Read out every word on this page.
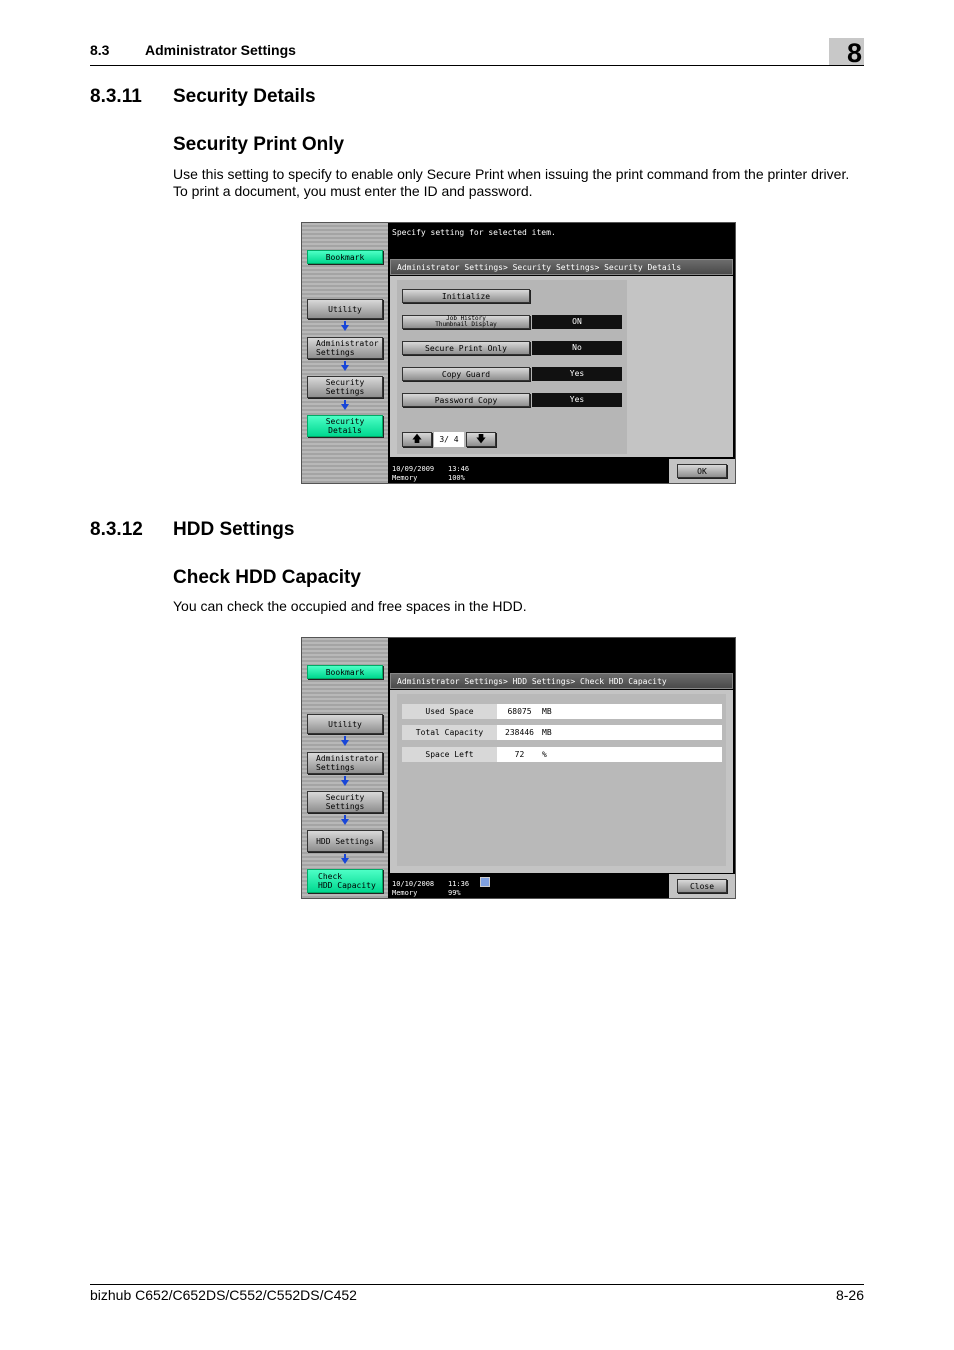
8.3	Administrator Settings	8
8.3.11 Security Details
Security Print Only
Use this setting to specify to enable only Secure Print when issuing the print command from the printer driver.
To print a document, you must enter the ID and password.
Specify setting for selected item.
Bookmark
Utility
Administrator
Settings
Security
Settings
Security Details
Administrator Settings> Security Settings> Security Details
Initialize
Job History
Thumbnail Display	ON
Secure Print Only	No
Copy Guard	Yes
Password Copy	Yes
🡅	3/ 4	🡇
10/09/2009 13:46
Memory	100%
OK
8.3.12 HDD Settings
Check HDD Capacity
You can check the occupied and free spaces in the HDD.
Bookmark
Utility
Administrator
Settings
Security
Settings
HDD Settings
Check
HDD Capacity
Administrator Settings> HDD Settings> Check HDD Capacity
Used Space	68075	MB
Total Capacity	238446	MB
Space Left	72	%
10/10/2008 11:36
Memory	99%
Close
bizhub C652/C652DS/C552/C552DS/C452	8-26
